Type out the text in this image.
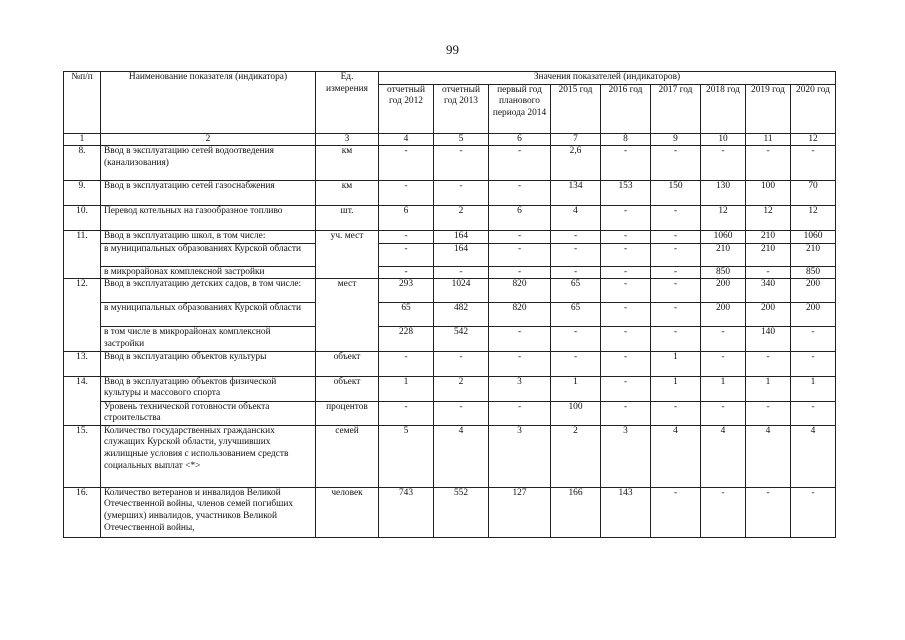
99
№п/п	Наименование показателя (индикатора)	Ед. измерения	Значения показателей (индикаторов)								
			отчетный год 2012	отчетный год 2013	первый год планового периода 2014	2015 год	2016 год	2017 год	2018 год	2019 год	2020 год
1	2	3	4	5	6	7	8	9	10	11	12
8.	Ввод в эксплуатацию сетей водоотведения (канализования)	км	-	-	-	2,6	-	-	-	-	-
9.	Ввод в эксплуатацию сетей газоснабжения	км	-	-	-	134	153	150	130	100	70
10.	Перевод котельных на газообразное топливо	шт.	6	2	6	4	-	-	12	12	12
11.	Ввод в эксплуатацию школ, в том числе:	уч. мест	-	164	-	-	-	-	1060	210	1060
	в муниципальных образованиях Курской области		-	164	-	-	-	-	210	210	210
	в микрорайонах комплексной застройки		-	-	-	-	-	-	850	-	850
12.	Ввод в эксплуатацию детских садов, в том числе:	мест	293	1024	820	65	-	-	200	340	200
	в муниципальных образованиях Курской области		65	482	820	65	-	-	200	200	200
	в том числе в микрорайонах комплексной застройки		228	542	-	-	-	-	-	140	-
13.	Ввод в эксплуатацию объектов культуры	объект	-	-	-	-	-	1	-	-	-
14.	Ввод в эксплуатацию объектов физической культуры и массового спорта	объект	1	2	3	1	-	1	1	1	1
	Уровень технической готовности объекта строительства	процентов	-	-	-	100	-	-	-	-	-
15.	Количество государственных гражданских служащих Курской области, улучшивших жилищные условия с использованием средств социальных выплат <*>	семей	5	4	3	2	3	4	4	4	4
16.	Количество ветеранов и инвалидов Великой Отечественной войны, членов семей погибших (умерших) инвалидов, участников Великой Отечественной войны,	человек	743	552	127	166	143	-	-	-	-
